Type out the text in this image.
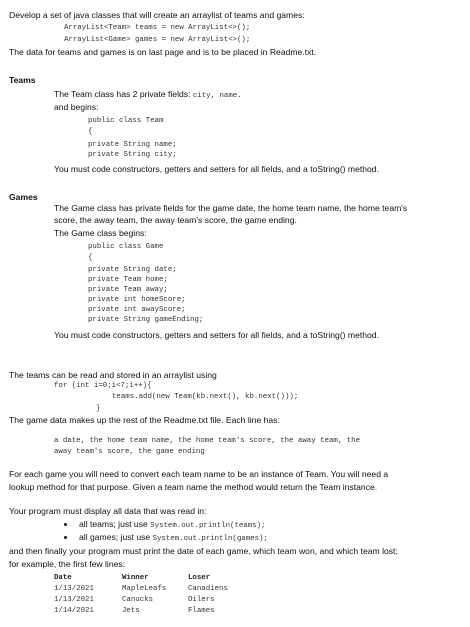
Develop a set of java classes that will create an arraylist of teams and games:
ArrayList<Team> teams = new ArrayList<>();
ArrayList<Game> games = new ArrayList<>();
The data for teams and games is on last page and is to be placed in Readme.txt.
Teams
The Team class has 2 private fields: city, name.
and begins:
public class Team
{
private String name;
private String city;
You must code constructors, getters and setters for all fields, and a toString() method.
Games
The Game class has private fields for the game date, the home team name, the home team's
score, the away team, the away team's score, the game ending.
The Game class begins:
public class Game
{
private String date;
private Team home;
private Team away;
private int homeScore;
private int awayScore;
private String gameEnding;
You must code constructors, getters and setters for all fields, and a toString() method.
The teams can be read and stored in an arraylist using
for (int i=0;i<7;i++){
teams.add(new Team(kb.next(), kb.next()));
}
The game data makes up the rest of the Readme.txt file. Each line has:
a date, the home team name, the home team's score, the away team, the
away team's score, the game ending
For each game you will need to convert each team name to be an instance of Team. You will need a
lookup method for that purpose. Given a team name the method would return the Team instance.
Your program must display all data that was read in:
all teams; just use System.out.println(teams);
all games; just use System.out.println(games);
and then finally your program must print the date of each game, which team won, and which team lost;
for example, the first few lines:
Date	Winner	Loser
1/13/2021	MapleLeafs	Canadiens
1/13/2021	Canucks	Oilers
1/14/2021	Jets	Flames
